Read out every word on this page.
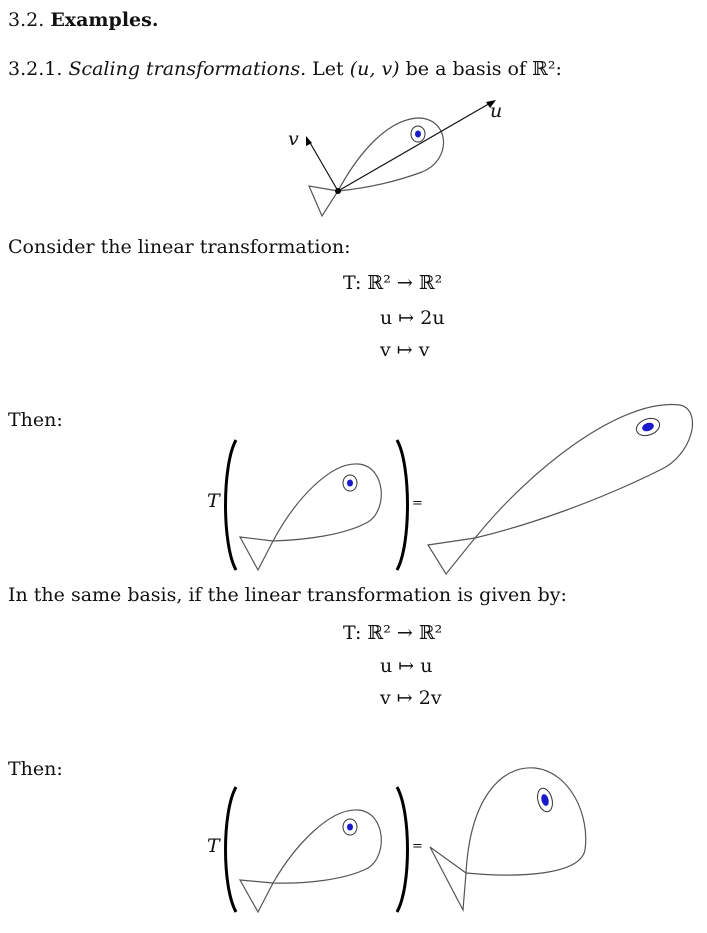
3.2. Examples.
3.2.1. Scaling transformations. Let (u, v) be a basis of ℝ²:
u
v
Consider the linear transformation:
T: ℝ² → ℝ²
u ↦ 2u
v ↦ v
Then:
T	=
In the same basis, if the linear transformation is given by:
T: ℝ² → ℝ²
u ↦ u
v ↦ 2v
Then:
T	=
